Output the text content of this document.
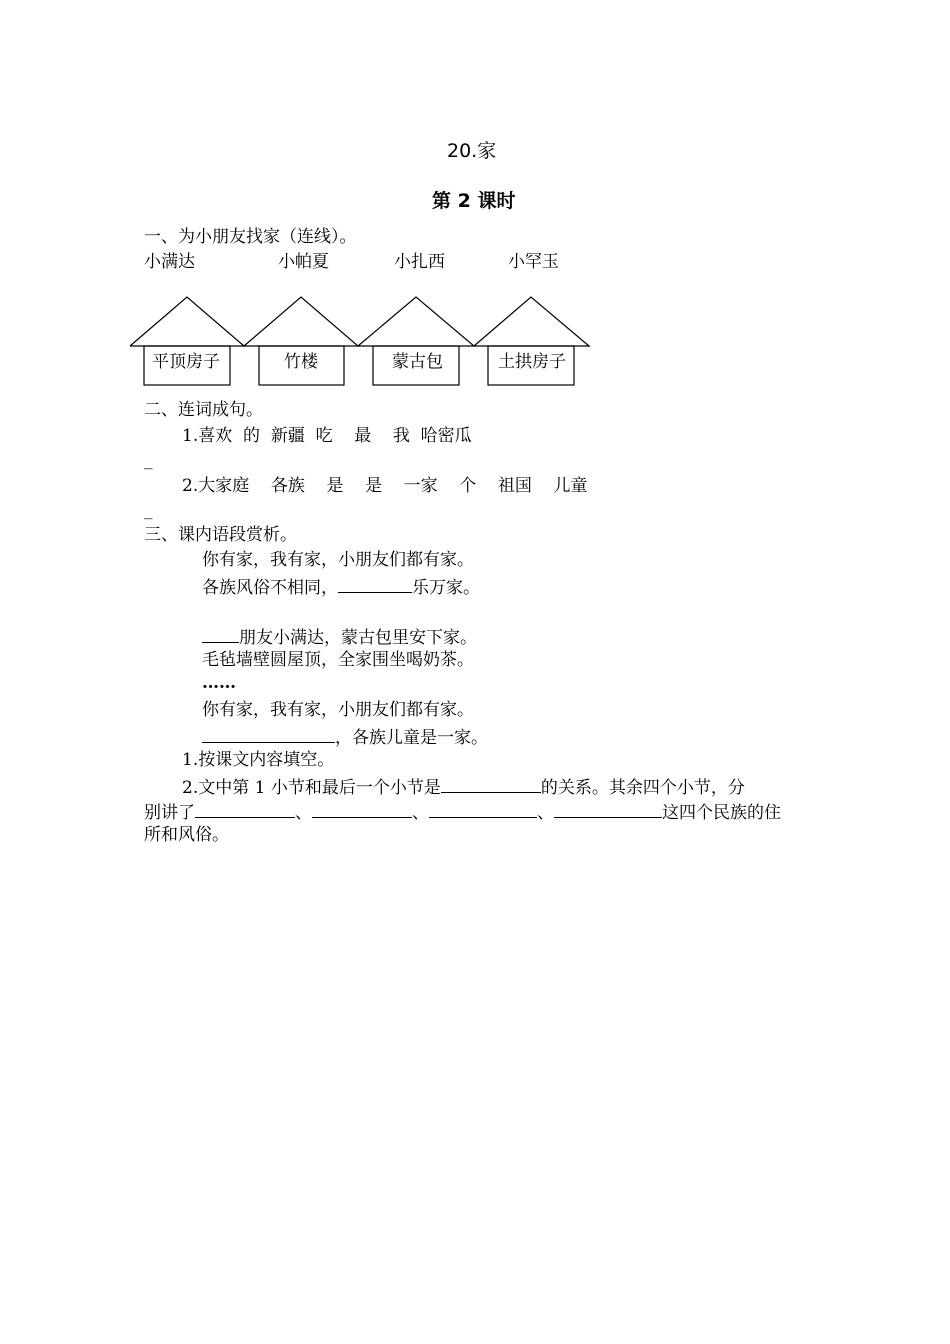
20.家
第 2 课时
一、为小朋友找家（连线）。
小满达	小帕夏	小扎西	小罕玉
平顶房子	竹楼	蒙古包	土拱房子
二、连词成句。
1.喜欢  的  新疆  吃    最    我  哈密瓜
_
2.大家庭    各族    是    是    一家    个    祖国    儿童
_
三、课内语段赏析。
你有家，我有家，小朋友们都有家。
各族风俗不相同，	乐万家。
朋友小满达，蒙古包里安下家。
毛毡墙壁圆屋顶，全家围坐喝奶茶。
……
你有家，我有家，小朋友们都有家。
，各族儿童是一家。
1.按课文内容填空。
2.文中第 1 小节和最后一个小节是	的关系。其余四个小节，分
别讲了	、	、	、	这四个民族的住
所和风俗。
